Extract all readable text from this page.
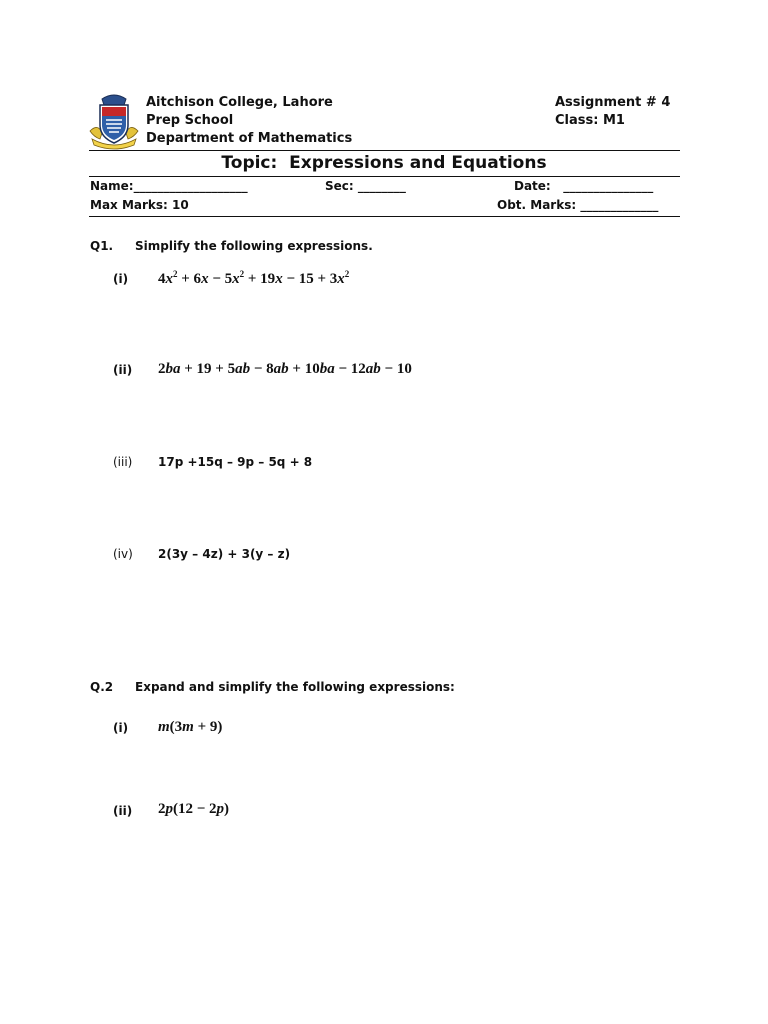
Aitchison College, Lahore
Prep School
Department of Mathematics
Assignment # 4
Class: M1
Topic:  Expressions and Equations
Name:___________________	Sec: ________	Date:   _______________
Max Marks: 10	Obt. Marks: _____________
Q1. Simplify the following expressions.
(i) $4x^2 + 6x - 5x^2 + 19x - 15 + 3x^2$
(ii) 2ba + 19 + 5ab − 8ab + 10ba − 12ab − 10
(iii) 17p +15q – 9p – 5q + 8
(iv) 2(3y – 4z) + 3(y – z)
Q.2 Expand and simplify the following expressions:
(i) m(3m + 9)
(ii) 2p(12 − 2p)
